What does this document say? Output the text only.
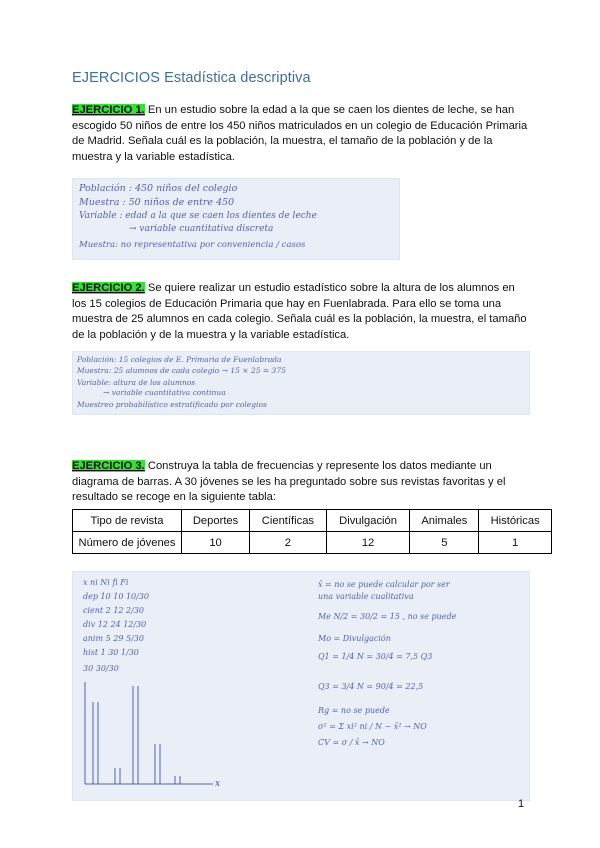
EJERCICIOS Estadística descriptiva
EJERCICIO 1. En un estudio sobre la edad a la que se caen los dientes de leche, se han escogido 50 niños de entre los 450 niños matriculados en un colegio de Educación Primaria de Madrid. Señala cuál es la población, la muestra, el tamaño de la población y de la muestra y la variable estadística.
Población : 450 niños del colegio
Muestra : 50 niños de entre 450
Variable : edad a la que se caen los dientes de leche
→ variable cuantitativa discreta
Muestra: no representativa por conveniencia / casos
EJERCICIO 2. Se quiere realizar un estudio estadístico sobre la altura de los alumnos en los 15 colegios de Educación Primaria que hay en Fuenlabrada. Para ello se toma una muestra de 25 alumnos en cada colegio. Señala cuál es la población, la muestra, el tamaño de la población y de la muestra y la variable estadística.
Población: 15 colegios de E. Primaria de Fuenlabrada
Muestra: 25 alumnos de cada colegio → 15 × 25 = 375
Variable: altura de los alumnos
→ variable cuantitativa continua
Muestreo probabilístico estratificado por colegios
EJERCICIO 3. Construya la tabla de frecuencias y represente los datos mediante un diagrama de barras. A 30 jóvenes se les ha preguntado sobre sus revistas favoritas y el resultado se recoge en la siguiente tabla:
Tipo de revista	Deportes	Científicas	Divulgación	Animales	Históricas
Número de jóvenes	10	2	12	5	1
x ni Ni fi Fi
dep 10 10 10/30
cient 2 12 2/30
div 12 24 12/30
anim 5 29 5/30
hist 1 30 1/30
30 30/30
x̄ = no se puede calcular por ser
una variable cualitativa
Me N/2 = 30/2 = 15 , no se puede
Mo = Divulgación
Q1 = 1/4 N = 30/4 = 7,5 Q3
Q3 = 3/4 N = 90/4 = 22,5
Rg = no se puede
σ² = Σ xi² ni / N − x̄² → NO
CV = σ / x̄ → NO
x
1
